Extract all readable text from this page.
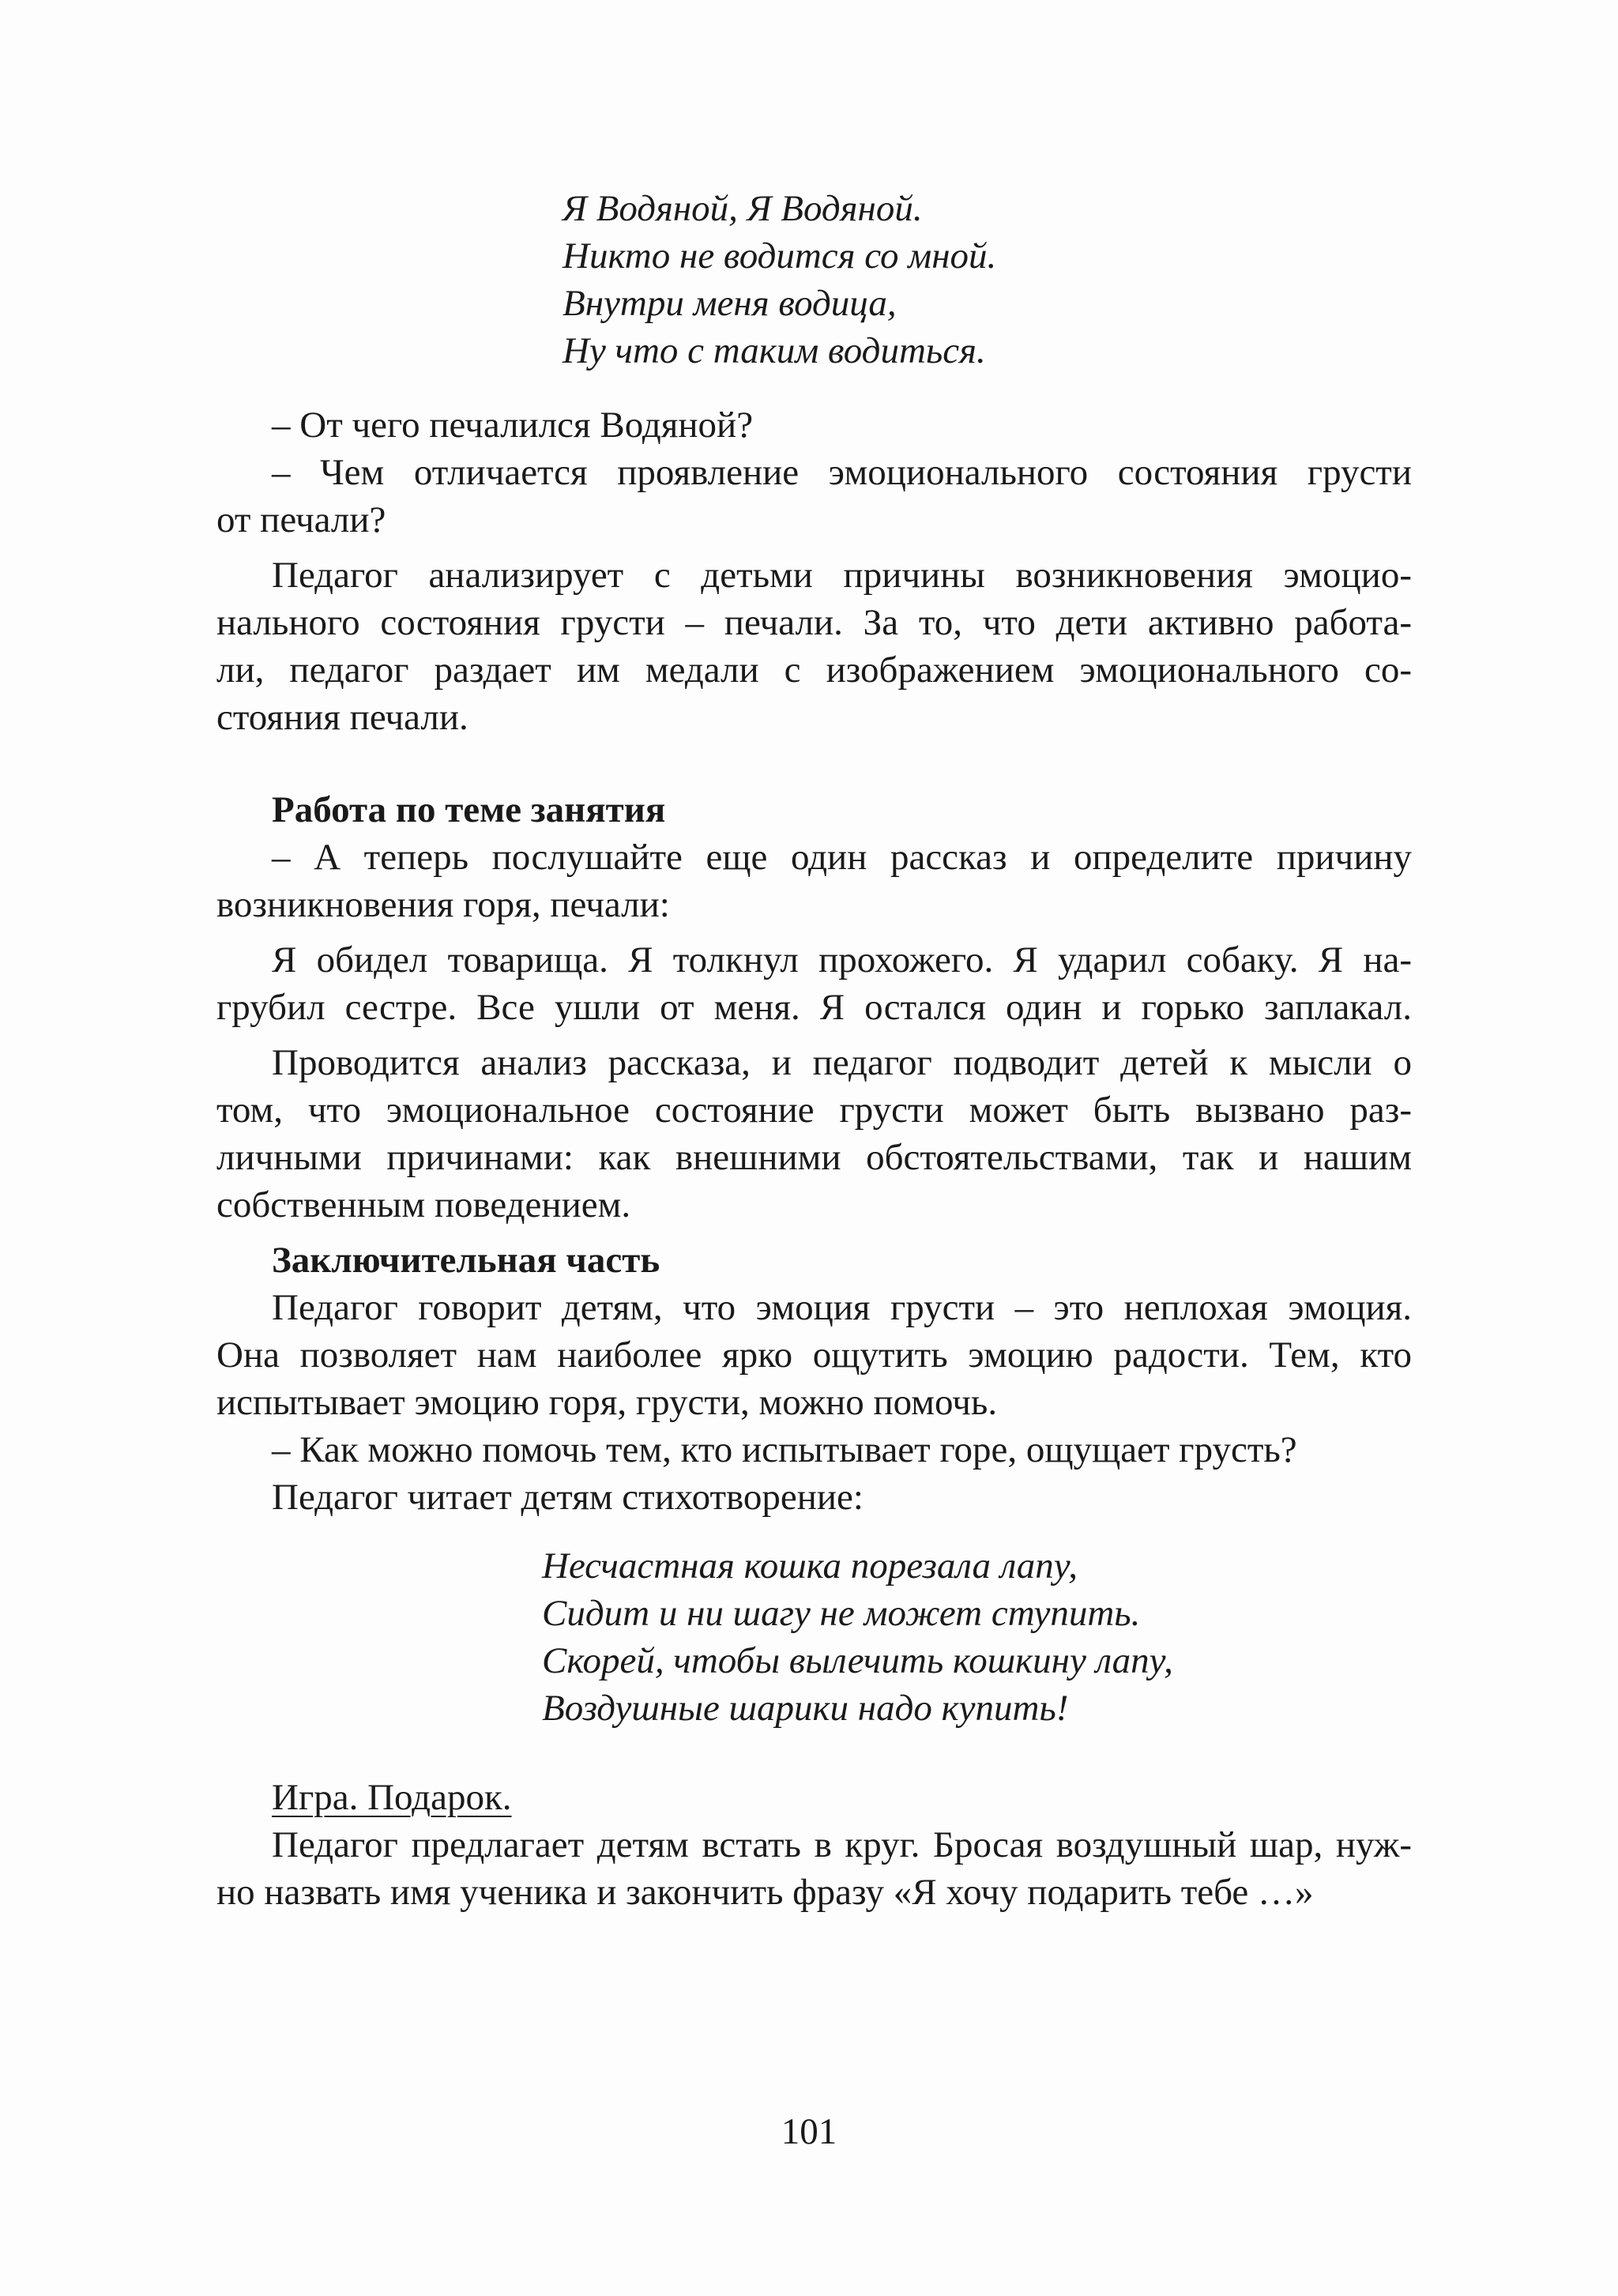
Я Водяной, Я Водяной.
Никто не водится со мной.
Внутри меня водица,
Ну что с таким водиться.
– От чего печалился Водяной?
– Чем отличается проявление эмоционального состояния грусти
от печали?
Педагог анализирует с детьми причины возникновения эмоцио-
нального состояния грусти – печали. За то, что дети активно работа-
ли, педагог раздает им медали с изображением эмоционального со-
стояния печали.
Работа по теме занятия
– А теперь послушайте еще один рассказ и определите причину
возникновения горя, печали:
Я обидел товарища. Я толкнул прохожего. Я ударил собаку. Я на-
грубил сестре. Все ушли от меня. Я остался один и горько заплакал.
Проводится анализ рассказа, и педагог подводит детей к мысли о
том, что эмоциональное состояние грусти может быть вызвано раз-
личными причинами: как внешними обстоятельствами, так и нашим
собственным поведением.
Заключительная часть
Педагог говорит детям, что эмоция грусти – это неплохая эмоция.
Она позволяет нам наиболее ярко ощутить эмоцию радости. Тем, кто
испытывает эмоцию горя, грусти, можно помочь.
– Как можно помочь тем, кто испытывает горе, ощущает грусть?
Педагог читает детям стихотворение:
Несчастная кошка порезала лапу,
Сидит и ни шагу не может ступить.
Скорей, чтобы вылечить кошкину лапу,
Воздушные шарики надо купить!
Игра. Подарок.
Педагог предлагает детям встать в круг. Бросая воздушный шар, нуж-
но назвать имя ученика и закончить фразу «Я хочу подарить тебе …»
101
